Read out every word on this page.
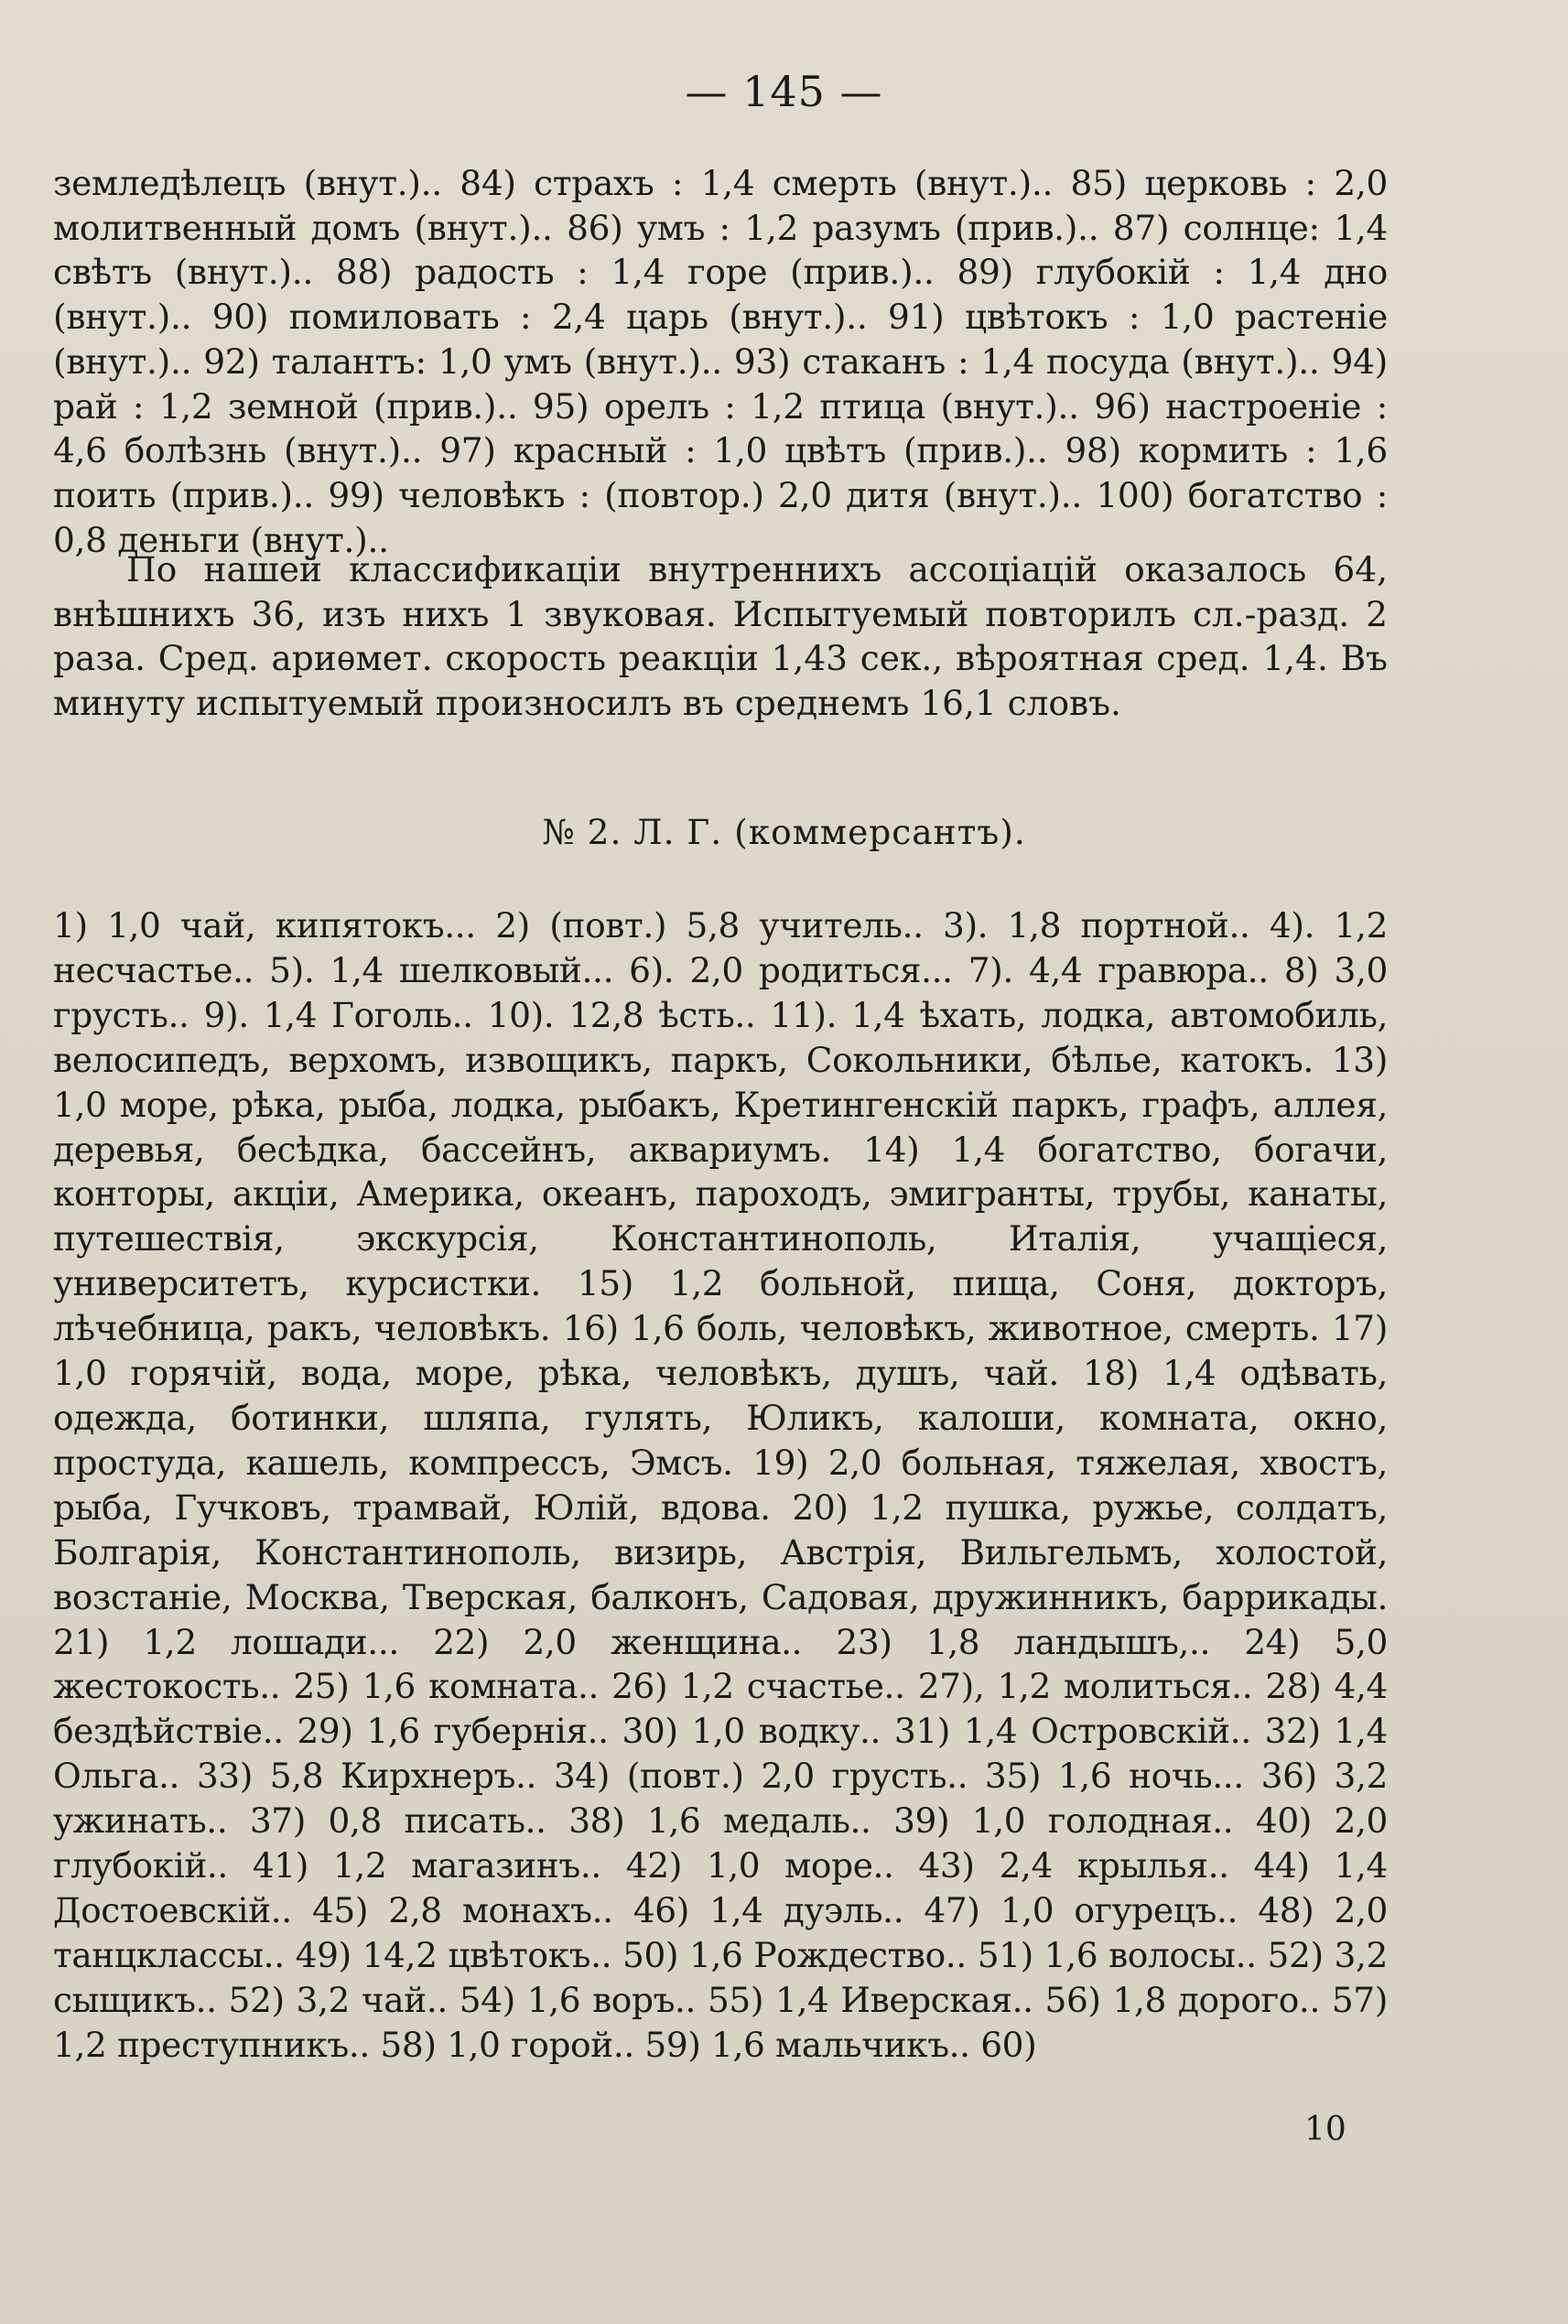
— 145 —
земледѣлецъ (внут.).. 84) страхъ : 1,4 смерть (внут.).. 85) церковь : 2,0 молитвенный домъ (внут.).. 86) умъ : 1,2 разумъ (прив.).. 87) солнце: 1,4 свѣтъ (внут.).. 88) радость : 1,4 горе (прив.).. 89) глубокій : 1,4 дно (внут.).. 90) помиловать : 2,4 царь (внут.).. 91) цвѣтокъ : 1,0 растеніе (внут.).. 92) талантъ: 1,0 умъ (внут.).. 93) стаканъ : 1,4 посуда (внут.).. 94) рай : 1,2 земной (прив.).. 95) орелъ : 1,2 птица (внут.).. 96) настроеніе : 4,6 болѣзнь (внут.).. 97) красный : 1,0 цвѣтъ (прив.).. 98) кормить : 1,6 поить (прив.).. 99) человѣкъ : (повтор.) 2,0 дитя (внут.).. 100) богатство : 0,8 деньги (внут.)..
По нашей классификаціи внутреннихъ ассоціацій оказалось 64, внѣшнихъ 36, изъ нихъ 1 звуковая. Испытуемый повторилъ сл.-разд. 2 раза. Сред. ариѳмет. скорость реакціи 1,43 сек., вѣроятная сред. 1,4. Въ минуту испытуемый произносилъ въ среднемъ 16,1 словъ.
№ 2. Л. Г. (коммерсантъ).
1) 1,0 чай, кипятокъ... 2) (повт.) 5,8 учитель.. 3). 1,8 портной.. 4). 1,2 несчастье.. 5). 1,4 шелковый... 6). 2,0 родиться... 7). 4,4 гравюра.. 8) 3,0 грусть.. 9). 1,4 Гоголь.. 10). 12,8 ѣсть.. 11). 1,4 ѣхать, лодка, автомобиль, велосипедъ, верхомъ, извощикъ, паркъ, Сокольники, бѣлье, катокъ. 13) 1,0 море, рѣка, рыба, лодка, рыбакъ, Кретингенскій паркъ, графъ, аллея, деревья, бесѣдка, бассейнъ, аквариумъ. 14) 1,4 богатство, богачи, конторы, акціи, Америка, океанъ, пароходъ, эмигранты, трубы, канаты, путешествія, экскурсія, Константинополь, Италія, учащіеся, университетъ, курсистки. 15) 1,2 больной, пища, Соня, докторъ, лѣчебница, ракъ, человѣкъ. 16) 1,6 боль, человѣкъ, животное, смерть. 17) 1,0 горячій, вода, море, рѣка, человѣкъ, душъ, чай. 18) 1,4 одѣвать, одежда, ботинки, шляпа, гулять, Юликъ, калоши, комната, окно, простуда, кашель, компрессъ, Эмсъ. 19) 2,0 больная, тяжелая, хвостъ, рыба, Гучковъ, трамвай, Юлій, вдова. 20) 1,2 пушка, ружье, солдатъ, Болгарія, Константинополь, визирь, Австрія, Вильгельмъ, холостой, возстаніе, Москва, Тверская, балконъ, Садовая, дружинникъ, баррикады. 21) 1,2 лошади... 22) 2,0 женщина.. 23) 1,8 ландышъ,.. 24) 5,0 жестокость.. 25) 1,6 комната.. 26) 1,2 счастье.. 27), 1,2 молиться.. 28) 4,4 бездѣйствіе.. 29) 1,6 губернія.. 30) 1,0 водку.. 31) 1,4 Островскій.. 32) 1,4 Ольга.. 33) 5,8 Кирхнеръ.. 34) (повт.) 2,0 грусть.. 35) 1,6 ночь... 36) 3,2 ужинать.. 37) 0,8 писать.. 38) 1,6 медаль.. 39) 1,0 голодная.. 40) 2,0 глубокій.. 41) 1,2 магазинъ.. 42) 1,0 море.. 43) 2,4 крылья.. 44) 1,4 Достоевскій.. 45) 2,8 монахъ.. 46) 1,4 дуэль.. 47) 1,0 огурецъ.. 48) 2,0 танцклассы.. 49) 14,2 цвѣтокъ.. 50) 1,6 Рождество.. 51) 1,6 волосы.. 52) 3,2 сыщикъ.. 52) 3,2 чай.. 54) 1,6 воръ.. 55) 1,4 Иверская.. 56) 1,8 дорого.. 57) 1,2 преступникъ.. 58) 1,0 горой.. 59) 1,6 мальчикъ.. 60)
10
